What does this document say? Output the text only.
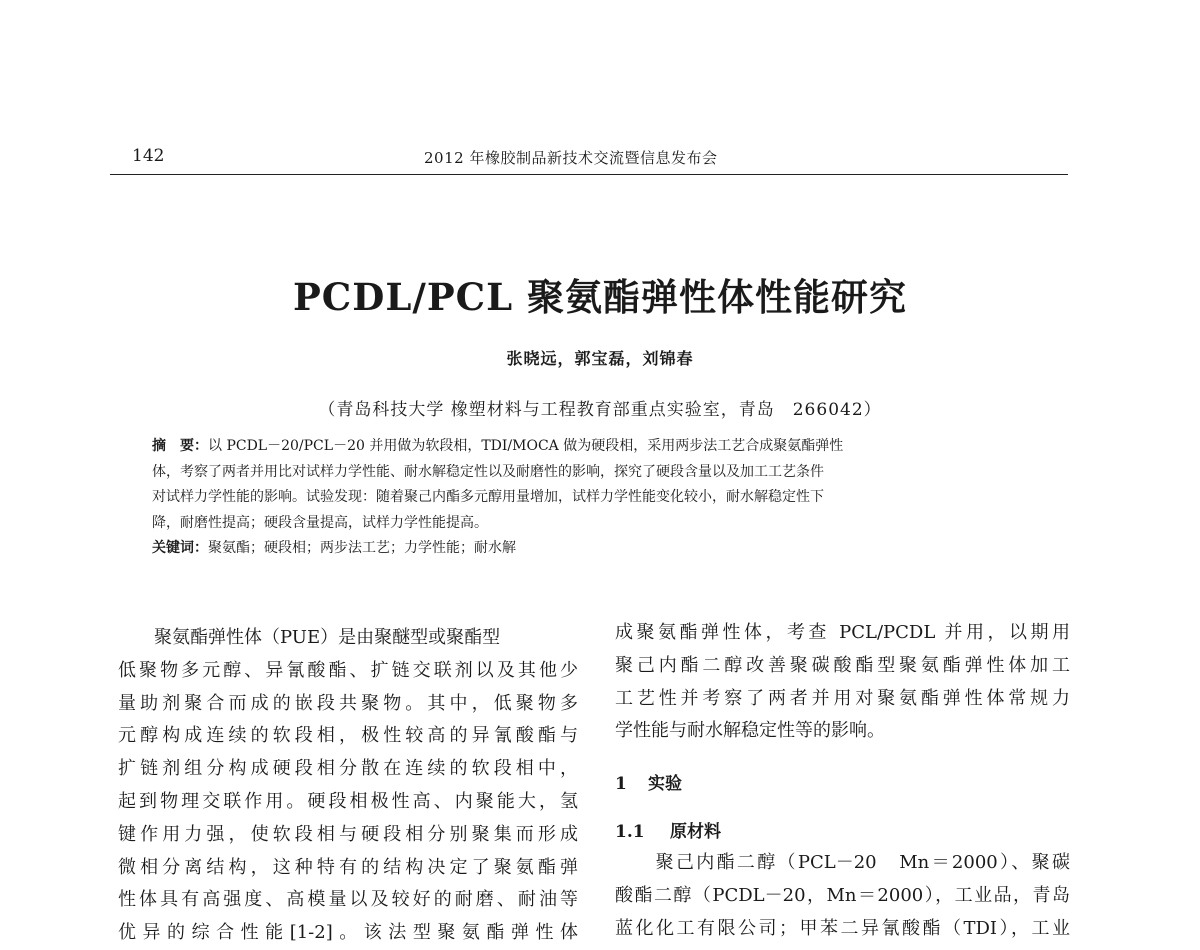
142	2012 年橡胶制品新技术交流暨信息发布会
PCDL/PCL 聚氨酯弹性体性能研究
张晓远，郭宝磊，刘锦春
（青岛科技大学 橡塑材料与工程教育部重点实验室，青岛　266042）
摘　要：以 PCDL－20/PCL－20 并用做为软段相，TDI/MOCA 做为硬段相，采用两步法工艺合成聚氨酯弹性
体，考察了两者并用比对试样力学性能、耐水解稳定性以及耐磨性的影响，探究了硬段含量以及加工工艺条件
对试样力学性能的影响。试验发现：随着聚己内酯多元醇用量增加，试样力学性能变化较小，耐水解稳定性下
降，耐磨性提高；硬段含量提高，试样力学性能提高。
关键词：聚氨酯；硬段相；两步法工艺；力学性能；耐水解
　　聚氨酯弹性体（PUE）是由聚醚型或聚酯型
低聚物多元醇、异氰酸酯、扩链交联剂以及其他少
量助剂聚合而成的嵌段共聚物。其中，低聚物多
元醇构成连续的软段相，极性较高的异氰酸酯与
扩链剂组分构成硬段相分散在连续的软段相中，
起到物理交联作用。硬段相极性高、内聚能大，氢
键作用力强，使软段相与硬段相分别聚集而形成
微相分离结构，这种特有的结构决定了聚氨酯弹
性体具有高强度、高模量以及较好的耐磨、耐油等
优异的综合性能[1-2]。该法型聚氨酯弹性体
成聚氨酯弹性体，考查 PCL/PCDL 并用，以期用
聚己内酯二醇改善聚碳酸酯型聚氨酯弹性体加工
工艺性并考察了两者并用对聚氨酯弹性体常规力
学性能与耐水解稳定性等的影响。
1 实验
1.1 原材料
　　聚己内酯二醇（PCL－20　Mn＝2000）、聚碳
酸酯二醇（PCDL－20，Mn＝2000），工业品，青岛
蓝化化工有限公司；甲苯二异氰酸酯（TDI），工业
